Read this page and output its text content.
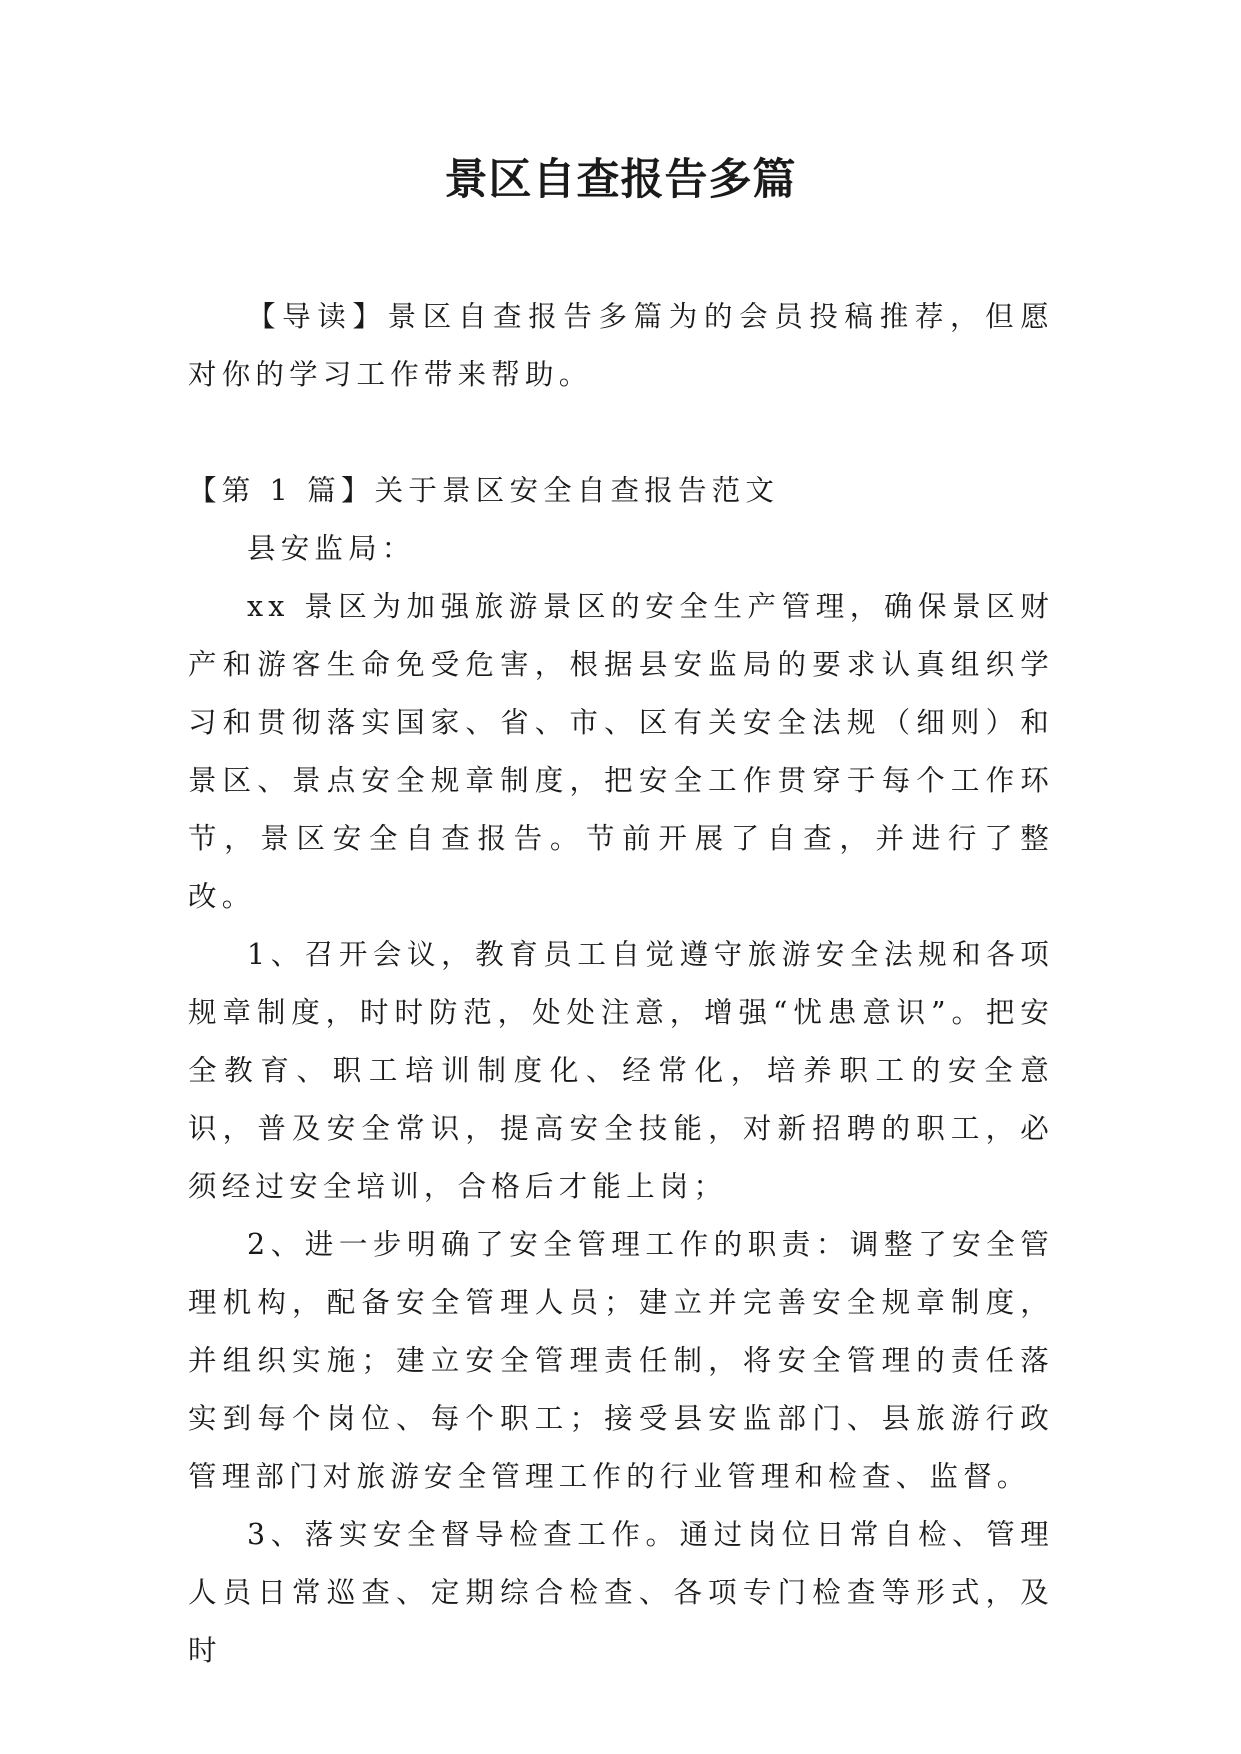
景区自查报告多篇

【导读】景区自查报告多篇为的会员投稿推荐，但愿对你的学习工作带来帮助。

【第 1 篇】关于景区安全自查报告范文

县安监局：

xx 景区为加强旅游景区的安全生产管理，确保景区财产和游客生命免受危害，根据县安监局的要求认真组织学习和贯彻落实国家、省、市、区有关安全法规（细则）和景区、景点安全规章制度，把安全工作贯穿于每个工作环节，景区安全自查报告。节前开展了自查，并进行了整改。

1、召开会议，教育员工自觉遵守旅游安全法规和各项规章制度，时时防范，处处注意，增强“忧患意识”。把安全教育、职工培训制度化、经常化，培养职工的安全意识，普及安全常识，提高安全技能，对新招聘的职工，必须经过安全培训，合格后才能上岗；

2、进一步明确了安全管理工作的职责：调整了安全管理机构，配备安全管理人员；建立并完善安全规章制度，并组织实施；建立安全管理责任制，将安全管理的责任落实到每个岗位、每个职工；接受县安监部门、县旅游行政管理部门对旅游安全管理工作的行业管理和检查、监督。

3、落实安全督导检查工作。通过岗位日常自检、管理人员日常巡查、定期综合检查、各项专门检查等形式，及时
